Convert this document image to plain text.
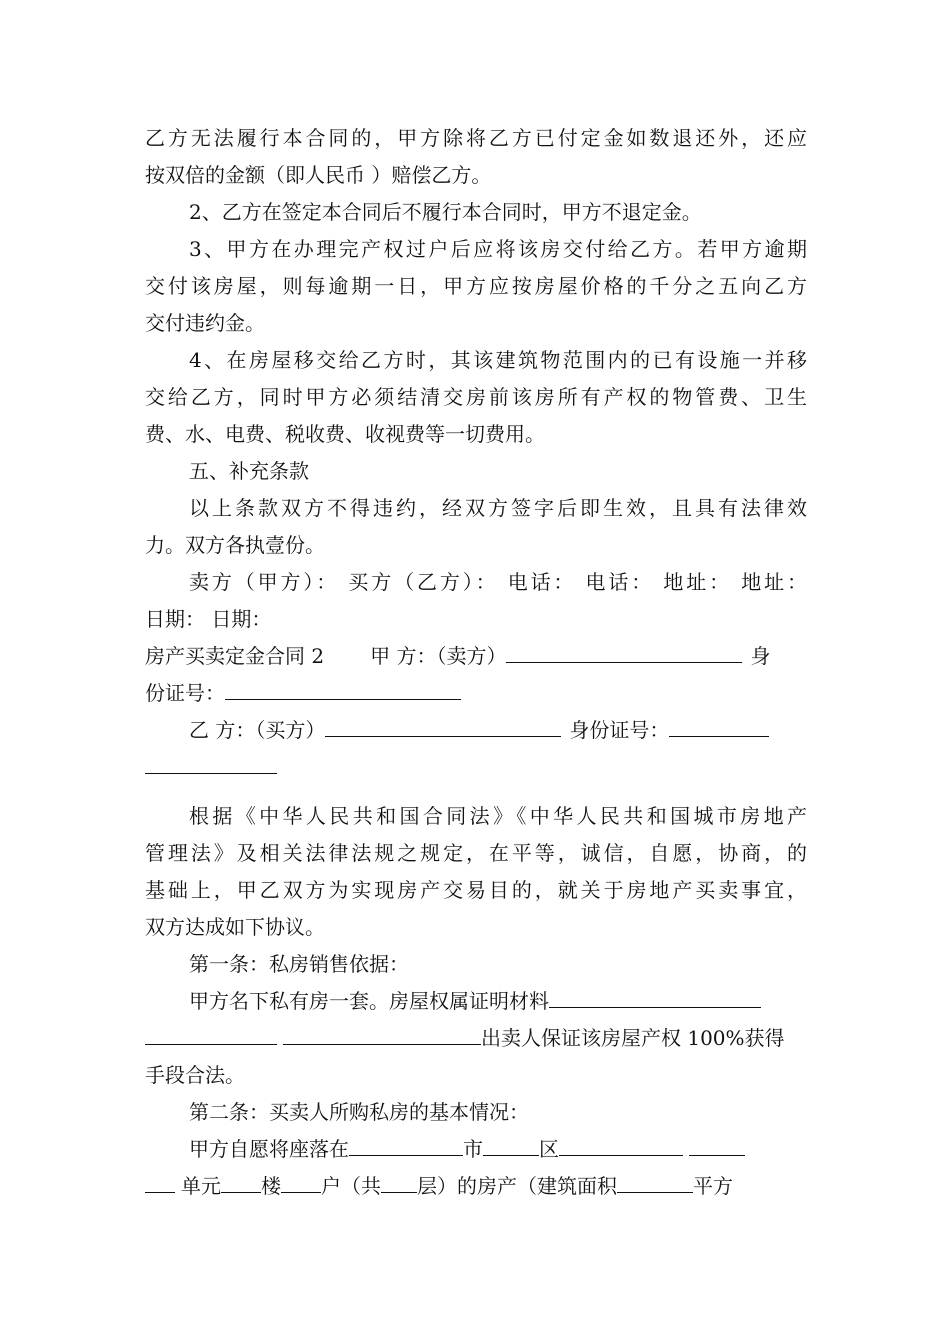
乙方无法履行本合同的，甲方除将乙方已付定金如数退还外，还应
按双倍的金额（即人民币 ）赔偿乙方。
2、乙方在签定本合同后不履行本合同时，甲方不退定金。
3、甲方在办理完产权过户后应将该房交付给乙方。若甲方逾期
交付该房屋，则每逾期一日，甲方应按房屋价格的千分之五向乙方
交付违约金。
4、在房屋移交给乙方时，其该建筑物范围内的已有设施一并移
交给乙方，同时甲方必须结清交房前该房所有产权的物管费、卫生
费、水、电费、税收费、收视费等一切费用。
五、补充条款
以上条款双方不得违约，经双方签字后即生效，且具有法律效
力。双方各执壹份。
卖方（甲方）： 买方（乙方）： 电话： 电话： 地址： 地址：
日期： 日期：
房产买卖定金合同 2 甲 方：（卖方）	身
份证号：
乙 方：（买方）	身份证号：
根据《中华人民共和国合同法》《中华人民共和国城市房地产
管理法》及相关法律法规之规定，在平等，诚信，自愿，协商，的
基础上，甲乙双方为实现房产交易目的，就关于房地产买卖事宜，
双方达成如下协议。
第一条：私房销售依据：
甲方名下私有房一套。房屋权属证明材料
出卖人保证该房屋产权 100%获得
手段合法。
第二条：买卖人所购私房的基本情况：
甲方自愿将座落在	市	区
单元 楼 户（共 层）的房产（建筑面积	平方
